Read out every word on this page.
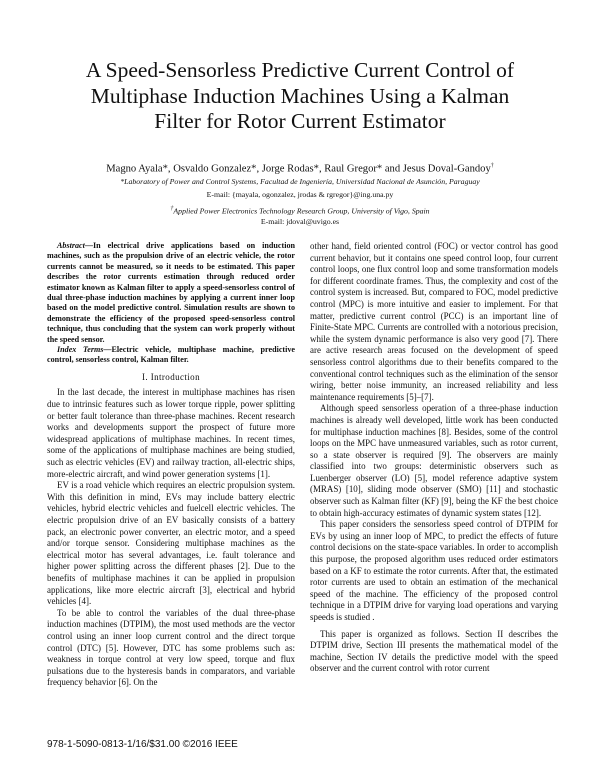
A Speed-Sensorless Predictive Current Control of
Multiphase Induction Machines Using a Kalman
Filter for Rotor Current Estimator
Magno Ayala*, Osvaldo Gonzalez*, Jorge Rodas*, Raul Gregor* and Jesus Doval-Gandoy†
*Laboratory of Power and Control Systems, Facultad de Ingeniería, Universidad Nacional de Asunción, Paraguay
E-mail: {mayala, ogonzalez, jrodas & rgregor}@ing.una.py
†Applied Power Electronics Technology Research Group, University of Vigo, Spain
E-mail: jdoval@uvigo.es

Abstract—In electrical drive applications based on induction machines, such as the propulsion drive of an electric vehicle, the rotor currents cannot be measured, so it needs to be estimated. This paper describes the rotor currents estimation through reduced order estimator known as Kalman filter to apply a speed-sensorless control of dual three-phase induction machines by applying a current inner loop based on the model predictive control. Simulation results are shown to demonstrate the efficiency of the proposed speed-sensorless control technique, thus concluding that the system can work properly without the speed sensor.

Index Terms—Electric vehicle, multiphase machine, predictive control, sensorless control, Kalman filter.

I. Introduction

In the last decade, the interest in multiphase machines has risen due to intrinsic features such as lower torque ripple, power splitting or better fault tolerance than three-phase machines. Recent research works and developments support the prospect of future more widespread applications of multiphase machines. In recent times, some of the applications of multiphase machines are being studied, such as electric vehicles (EV) and railway traction, all-electric ships, more-electric aircraft, and wind power generation systems [1].

EV is a road vehicle which requires an electric propulsion system. With this definition in mind, EVs may include battery electric vehicles, hybrid electric vehicles and fuelcell electric vehicles. The electric propulsion drive of an EV basically consists of a battery pack, an electronic power converter, an electric motor, and a speed and/or torque sensor. Considering multiphase machines as the electrical motor has several advantages, i.e. fault tolerance and higher power splitting across the different phases [2]. Due to the benefits of multiphase machines it can be applied in propulsion applications, like more electric aircraft [3], electrical and hybrid vehicles [4].

To be able to control the variables of the dual three-phase induction machines (DTPIM), the most used methods are the vector control using an inner loop current control and the direct torque control (DTC) [5]. However, DTC has some problems such as: weakness in torque control at very low speed, torque and flux pulsations due to the hysteresis bands in comparators, and variable frequency behavior [6]. On the

other hand, field oriented control (FOC) or vector control has good current behavior, but it contains one speed control loop, four current control loops, one flux control loop and some transformation models for different coordinate frames. Thus, the complexity and cost of the control system is increased. But, compared to FOC, model predictive control (MPC) is more intuitive and easier to implement. For that matter, predictive current control (PCC) is an important line of Finite-State MPC. Currents are controlled with a notorious precision, while the system dynamic performance is also very good [7]. There are active research areas focused on the development of speed sensorless control algorithms due to their benefits compared to the conventional control techniques such as the elimination of the sensor wiring, better noise immunity, an increased reliability and less maintenance requirements [5]–[7].

Although speed sensorless operation of a three-phase induction machines is already well developed, little work has been conducted for multiphase induction machines [8]. Besides, some of the control loops on the MPC have unmeasured variables, such as rotor current, so a state observer is required [9]. The observers are mainly classified into two groups: deterministic observers such as Luenberger observer (LO) [5], model reference adaptive system (MRAS) [10], sliding mode observer (SMO) [11] and stochastic observer such as Kalman filter (KF) [9], being the KF the best choice to obtain high-accuracy estimates of dynamic system states [12].

This paper considers the sensorless speed control of DTPIM for EVs by using an inner loop of MPC, to predict the effects of future control decisions on the state-space variables. In order to accomplish this purpose, the proposed algorithm uses reduced order estimators based on a KF to estimate the rotor currents. After that, the estimated rotor currents are used to obtain an estimation of the mechanical speed of the machine. The efficiency of the proposed control technique in a DTPIM drive for varying load operations and varying speeds is studied .

This paper is organized as follows. Section II describes the DTPIM drive, Section III presents the mathematical model of the machine, Section IV details the predictive model with the speed observer and the current control with rotor current

978-1-5090-0813-1/16/$31.00 ©2016 IEEE
